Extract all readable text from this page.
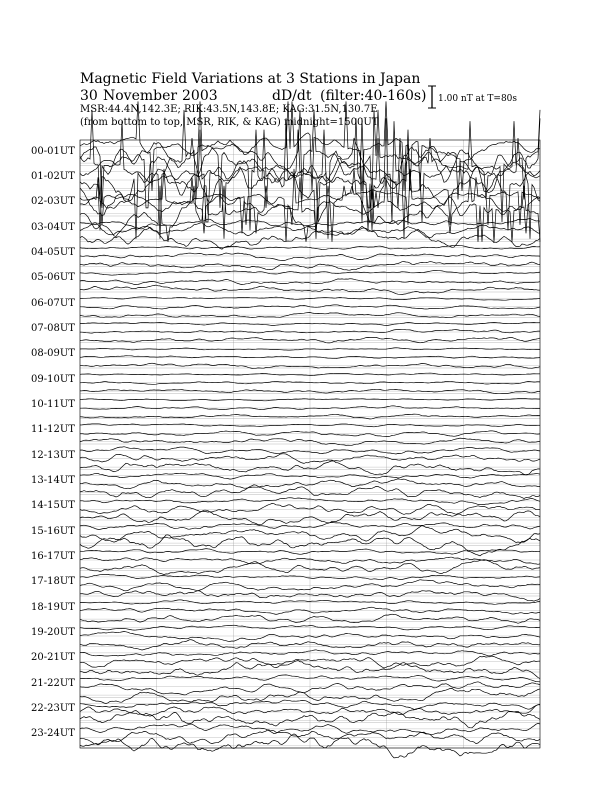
Magnetic Field Variations at 3 Stations in Japan
30 November 2003	dD/dt (filter:40-160s)
MSR:44.4N,142.3E; RIK:43.5N,143.8E; KAG:31.5N,130.7E
(from bottom to top, MSR, RIK, & KAG) midnight=1500UT
1.00 nT at T=80s
00-01UT
01-02UT
02-03UT
03-04UT
04-05UT
05-06UT
06-07UT
07-08UT
08-09UT
09-10UT
10-11UT
11-12UT
12-13UT
13-14UT
14-15UT
15-16UT
16-17UT
17-18UT
18-19UT
19-20UT
20-21UT
21-22UT
22-23UT
23-24UT
